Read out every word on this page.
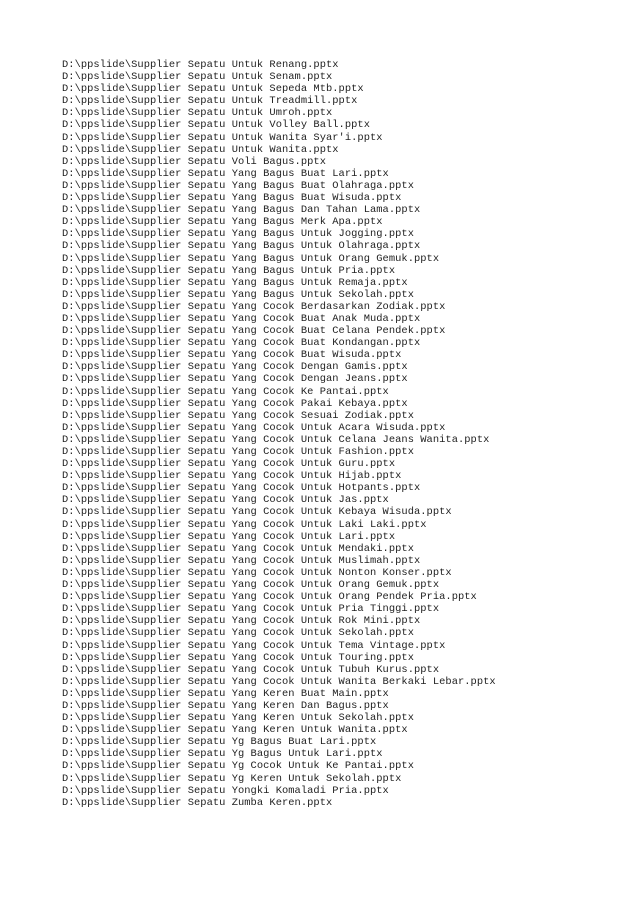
D:\ppslide\Supplier Sepatu Untuk Renang.pptx
D:\ppslide\Supplier Sepatu Untuk Senam.pptx
D:\ppslide\Supplier Sepatu Untuk Sepeda Mtb.pptx
D:\ppslide\Supplier Sepatu Untuk Treadmill.pptx
D:\ppslide\Supplier Sepatu Untuk Umroh.pptx
D:\ppslide\Supplier Sepatu Untuk Volley Ball.pptx
D:\ppslide\Supplier Sepatu Untuk Wanita Syar'i.pptx
D:\ppslide\Supplier Sepatu Untuk Wanita.pptx
D:\ppslide\Supplier Sepatu Voli Bagus.pptx
D:\ppslide\Supplier Sepatu Yang Bagus Buat Lari.pptx
D:\ppslide\Supplier Sepatu Yang Bagus Buat Olahraga.pptx
D:\ppslide\Supplier Sepatu Yang Bagus Buat Wisuda.pptx
D:\ppslide\Supplier Sepatu Yang Bagus Dan Tahan Lama.pptx
D:\ppslide\Supplier Sepatu Yang Bagus Merk Apa.pptx
D:\ppslide\Supplier Sepatu Yang Bagus Untuk Jogging.pptx
D:\ppslide\Supplier Sepatu Yang Bagus Untuk Olahraga.pptx
D:\ppslide\Supplier Sepatu Yang Bagus Untuk Orang Gemuk.pptx
D:\ppslide\Supplier Sepatu Yang Bagus Untuk Pria.pptx
D:\ppslide\Supplier Sepatu Yang Bagus Untuk Remaja.pptx
D:\ppslide\Supplier Sepatu Yang Bagus Untuk Sekolah.pptx
D:\ppslide\Supplier Sepatu Yang Cocok Berdasarkan Zodiak.pptx
D:\ppslide\Supplier Sepatu Yang Cocok Buat Anak Muda.pptx
D:\ppslide\Supplier Sepatu Yang Cocok Buat Celana Pendek.pptx
D:\ppslide\Supplier Sepatu Yang Cocok Buat Kondangan.pptx
D:\ppslide\Supplier Sepatu Yang Cocok Buat Wisuda.pptx
D:\ppslide\Supplier Sepatu Yang Cocok Dengan Gamis.pptx
D:\ppslide\Supplier Sepatu Yang Cocok Dengan Jeans.pptx
D:\ppslide\Supplier Sepatu Yang Cocok Ke Pantai.pptx
D:\ppslide\Supplier Sepatu Yang Cocok Pakai Kebaya.pptx
D:\ppslide\Supplier Sepatu Yang Cocok Sesuai Zodiak.pptx
D:\ppslide\Supplier Sepatu Yang Cocok Untuk Acara Wisuda.pptx
D:\ppslide\Supplier Sepatu Yang Cocok Untuk Celana Jeans Wanita.pptx
D:\ppslide\Supplier Sepatu Yang Cocok Untuk Fashion.pptx
D:\ppslide\Supplier Sepatu Yang Cocok Untuk Guru.pptx
D:\ppslide\Supplier Sepatu Yang Cocok Untuk Hijab.pptx
D:\ppslide\Supplier Sepatu Yang Cocok Untuk Hotpants.pptx
D:\ppslide\Supplier Sepatu Yang Cocok Untuk Jas.pptx
D:\ppslide\Supplier Sepatu Yang Cocok Untuk Kebaya Wisuda.pptx
D:\ppslide\Supplier Sepatu Yang Cocok Untuk Laki Laki.pptx
D:\ppslide\Supplier Sepatu Yang Cocok Untuk Lari.pptx
D:\ppslide\Supplier Sepatu Yang Cocok Untuk Mendaki.pptx
D:\ppslide\Supplier Sepatu Yang Cocok Untuk Muslimah.pptx
D:\ppslide\Supplier Sepatu Yang Cocok Untuk Nonton Konser.pptx
D:\ppslide\Supplier Sepatu Yang Cocok Untuk Orang Gemuk.pptx
D:\ppslide\Supplier Sepatu Yang Cocok Untuk Orang Pendek Pria.pptx
D:\ppslide\Supplier Sepatu Yang Cocok Untuk Pria Tinggi.pptx
D:\ppslide\Supplier Sepatu Yang Cocok Untuk Rok Mini.pptx
D:\ppslide\Supplier Sepatu Yang Cocok Untuk Sekolah.pptx
D:\ppslide\Supplier Sepatu Yang Cocok Untuk Tema Vintage.pptx
D:\ppslide\Supplier Sepatu Yang Cocok Untuk Touring.pptx
D:\ppslide\Supplier Sepatu Yang Cocok Untuk Tubuh Kurus.pptx
D:\ppslide\Supplier Sepatu Yang Cocok Untuk Wanita Berkaki Lebar.pptx
D:\ppslide\Supplier Sepatu Yang Keren Buat Main.pptx
D:\ppslide\Supplier Sepatu Yang Keren Dan Bagus.pptx
D:\ppslide\Supplier Sepatu Yang Keren Untuk Sekolah.pptx
D:\ppslide\Supplier Sepatu Yang Keren Untuk Wanita.pptx
D:\ppslide\Supplier Sepatu Yg Bagus Buat Lari.pptx
D:\ppslide\Supplier Sepatu Yg Bagus Untuk Lari.pptx
D:\ppslide\Supplier Sepatu Yg Cocok Untuk Ke Pantai.pptx
D:\ppslide\Supplier Sepatu Yg Keren Untuk Sekolah.pptx
D:\ppslide\Supplier Sepatu Yongki Komaladi Pria.pptx
D:\ppslide\Supplier Sepatu Zumba Keren.pptx
